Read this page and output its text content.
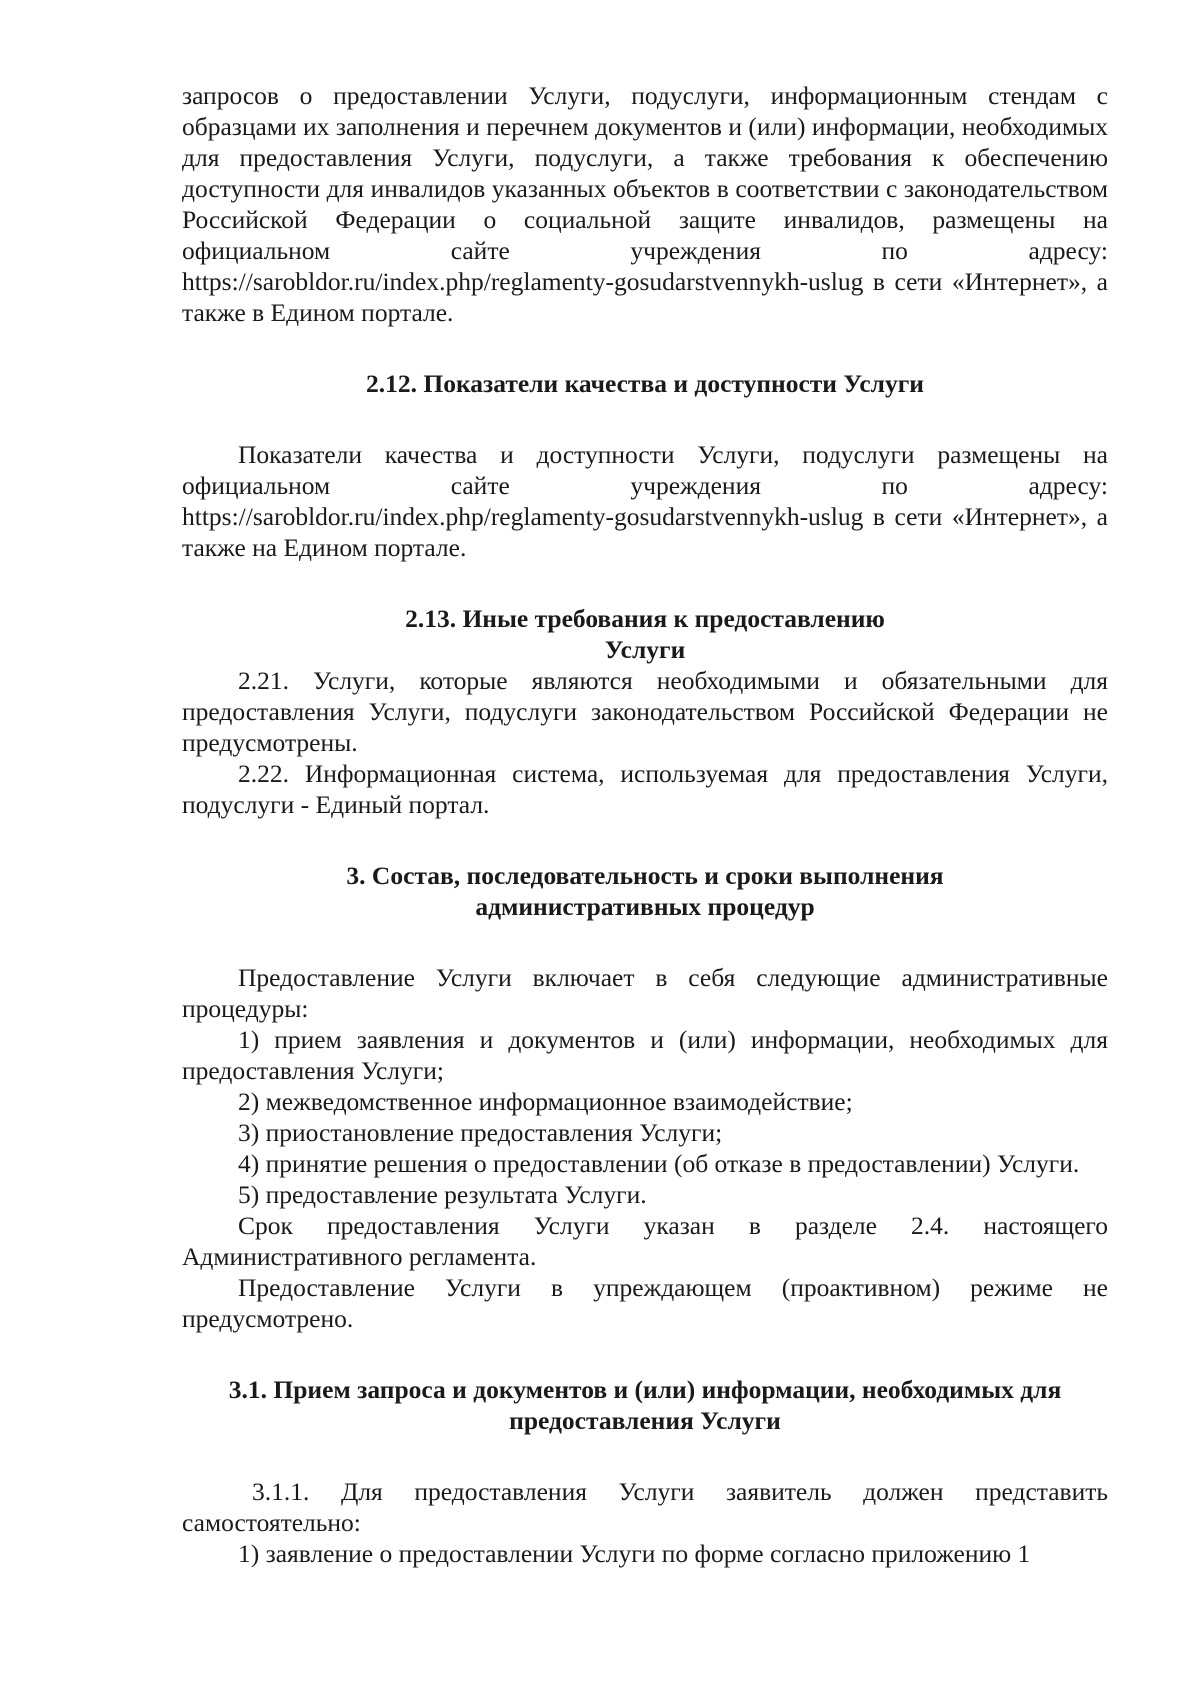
запросов о предоставлении Услуги, подуслуги, информационным стендам с образцами их заполнения и перечнем документов и (или) информации, необходимых для предоставления Услуги, подуслуги, а также требования к обеспечению доступности для инвалидов указанных объектов в соответствии с законодательством Российской Федерации о социальной защите инвалидов, размещены на официальном сайте учреждения по адресу: https://sarobldor.ru/index.php/reglamenty-gosudarstvennykh-uslug в сети «Интернет», а также в Едином портале.

2.12. Показатели качества и доступности Услуги

Показатели качества и доступности Услуги, подуслуги размещены на официальном сайте учреждения по адресу: https://sarobldor.ru/index.php/reglamenty-gosudarstvennykh-uslug в сети «Интернет», а также на Едином портале.

2.13. Иные требования к предоставлению
Услуги

2.21. Услуги, которые являются необходимыми и обязательными для предоставления Услуги, подуслуги законодательством Российской Федерации не предусмотрены.

2.22. Информационная система, используемая для предоставления Услуги, подуслуги - Единый портал.

3. Состав, последовательность и сроки выполнения
административных процедур

Предоставление Услуги включает в себя следующие административные процедуры:

1) прием заявления и документов и (или) информации, необходимых для предоставления Услуги;

2) межведомственное информационное взаимодействие;

3) приостановление предоставления Услуги;

4) принятие решения о предоставлении (об отказе в предоставлении) Услуги.

5) предоставление результата Услуги.

Срок предоставления Услуги указан в разделе 2.4. настоящего Административного регламента.

Предоставление Услуги в упреждающем (проактивном) режиме не предусмотрено.

3.1. Прием запроса и документов и (или) информации, необходимых для
предоставления Услуги

3.1.1. Для предоставления Услуги заявитель должен представить самостоятельно:

1) заявление о предоставлении Услуги по форме согласно приложению 1
